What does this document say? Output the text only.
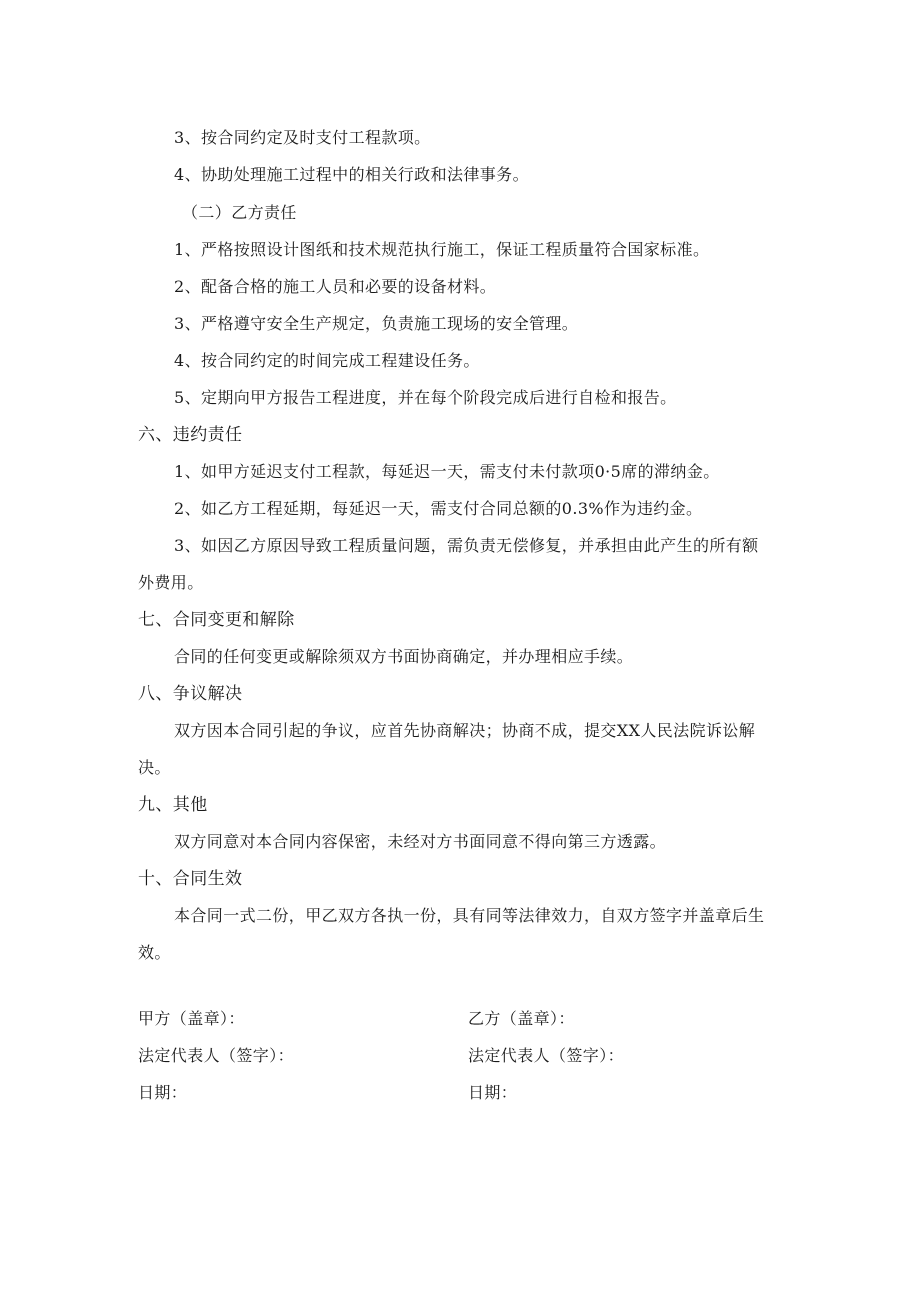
3、按合同约定及时支付工程款项。
4、协助处理施工过程中的相关行政和法律事务。
（二）乙方责任
1、严格按照设计图纸和技术规范执行施工，保证工程质量符合国家标准。
2、配备合格的施工人员和必要的设备材料。
3、严格遵守安全生产规定，负责施工现场的安全管理。
4、按合同约定的时间完成工程建设任务。
5、定期向甲方报告工程进度，并在每个阶段完成后进行自检和报告。
六、违约责任
1、如甲方延迟支付工程款，每延迟一天，需支付未付款项0·5席的滞纳金。
2、如乙方工程延期，每延迟一天，需支付合同总额的0.3%作为违约金。
3、如因乙方原因导致工程质量问题，需负责无偿修复，并承担由此产生的所有额
外费用。
七、合同变更和解除
合同的任何变更或解除须双方书面协商确定，并办理相应手续。
八、争议解决
双方因本合同引起的争议，应首先协商解决；协商不成，提交XX人民法院诉讼解
决。
九、其他
双方同意对本合同内容保密，未经对方书面同意不得向第三方透露。
十、合同生效
本合同一式二份，甲乙双方各执一份，具有同等法律效力，自双方签字并盖章后生
效。
甲方（盖章）：	乙方（盖章）：
法定代表人（签字）：	法定代表人（签字）：
日期：	日期：
